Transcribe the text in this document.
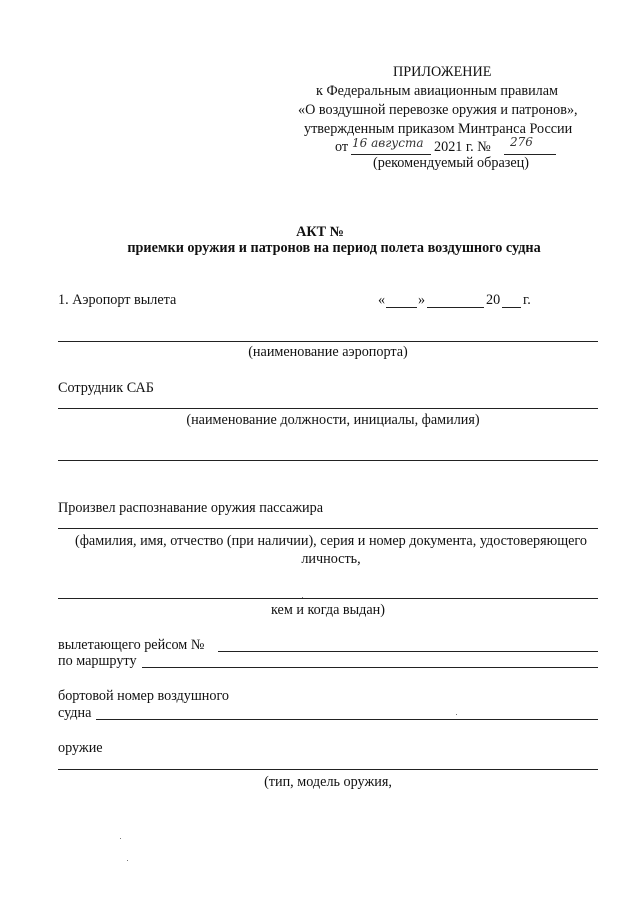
ПРИЛОЖЕНИЕ
к Федеральным авиационным правилам
«О воздушной перевозке оружия и патронов»,
утвержденным приказом Минтранса России
от 16 августа 2021 г. № 276
(рекомендуемый образец)
АКТ №
приемки оружия и патронов на период полета воздушного судна
1. Аэропорт вылета	« »	20 г.
(наименование аэропорта)
Сотрудник САБ
(наименование должности, инициалы, фамилия)
Произвел распознавание оружия пассажира
(фамилия, имя, отчество (при наличии), серия и номер документа, удостоверяющего
личность,
кем и когда выдан)
вылетающего рейсом №
по маршруту
бортовой номер воздушного
судна
оружие
(тип, модель оружия,
